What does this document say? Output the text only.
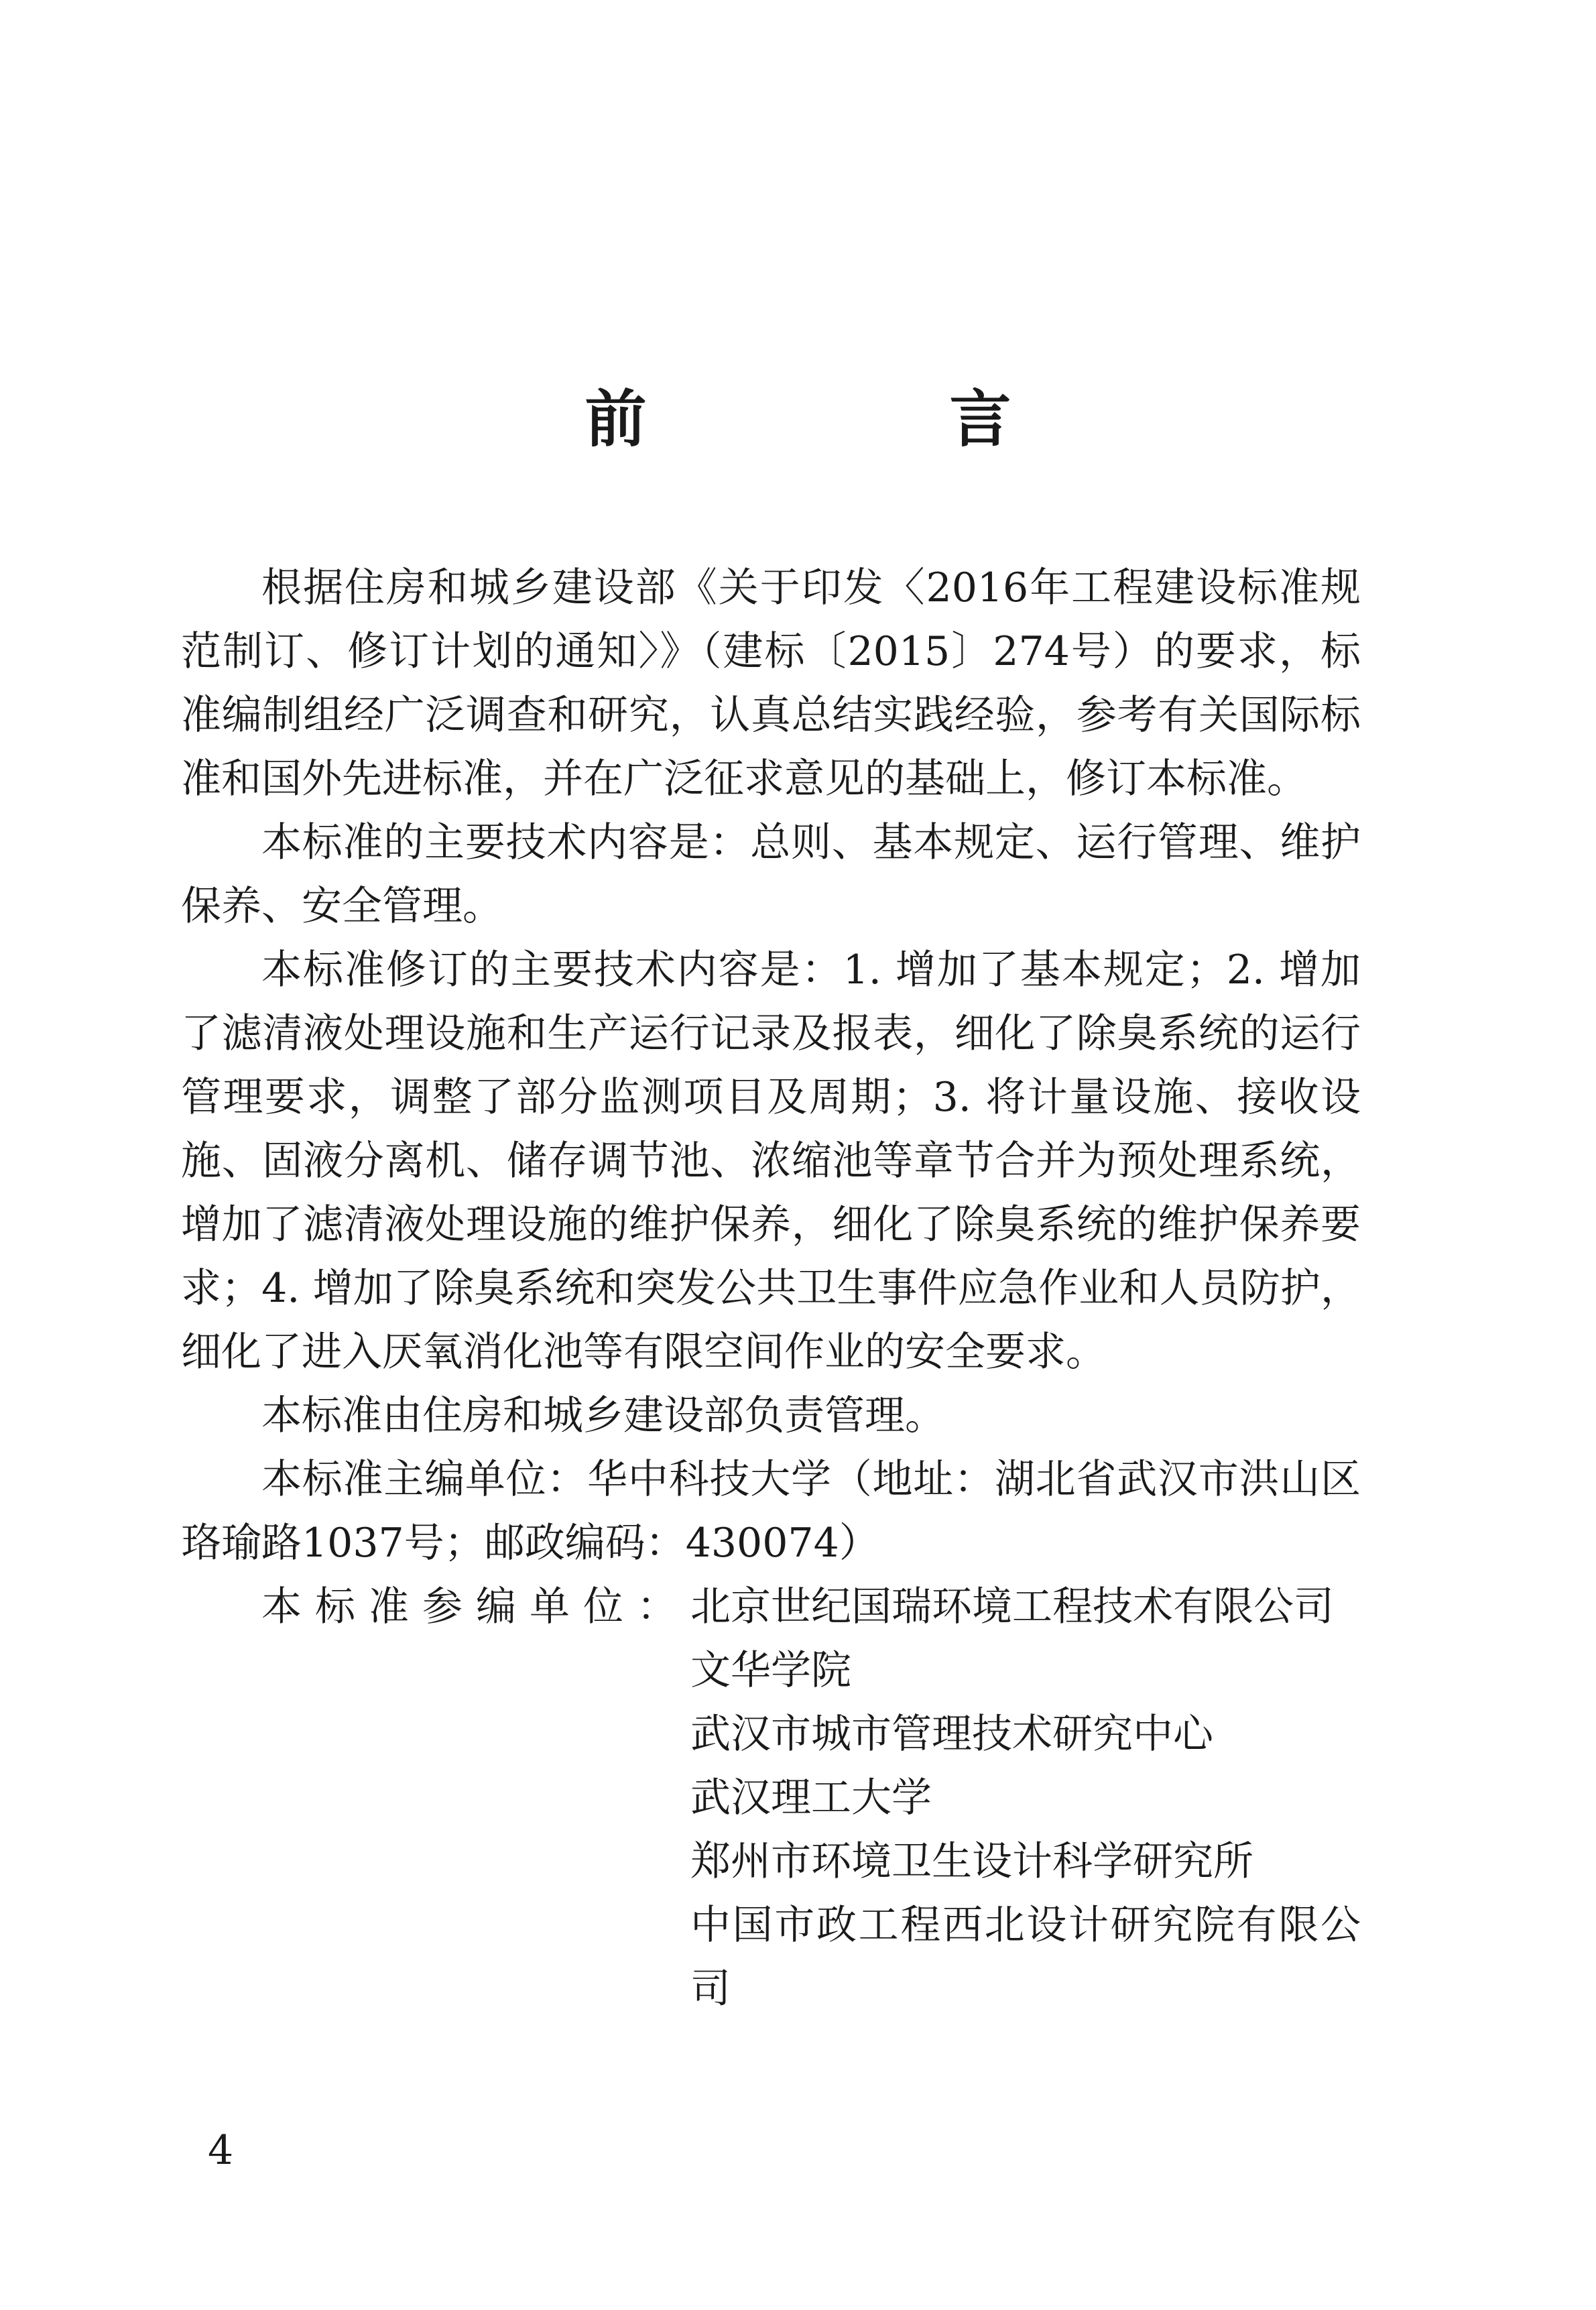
前 言

根据住房和城乡建设部《关于印发〈2016年工程建设标准规范制订、修订计划的通知〉》（建标〔2015〕274号）的要求，标准编制组经广泛调查和研究，认真总结实践经验，参考有关国际标准和国外先进标准，并在广泛征求意见的基础上，修订本标准。

本标准的主要技术内容是：总则、基本规定、运行管理、维护保养、安全管理。

本标准修订的主要技术内容是：1. 增加了基本规定；2. 增加了滤清液处理设施和生产运行记录及报表，细化了除臭系统的运行管理要求，调整了部分监测项目及周期；3. 将计量设施、接收设施、固液分离机、储存调节池、浓缩池等章节合并为预处理系统，增加了滤清液处理设施的维护保养，细化了除臭系统的维护保养要求；4. 增加了除臭系统和突发公共卫生事件应急作业和人员防护，细化了进入厌氧消化池等有限空间作业的安全要求。

本标准由住房和城乡建设部负责管理。

本标准主编单位：华中科技大学（地址：湖北省武汉市洪山区珞瑜路1037号；邮政编码：430074）

本标准参编单位： 北京世纪国瑞环境工程技术有限公司
文华学院
武汉市城市管理技术研究中心
武汉理工大学
郑州市环境卫生设计科学研究所
中国市政工程西北设计研究院有限公司
4
